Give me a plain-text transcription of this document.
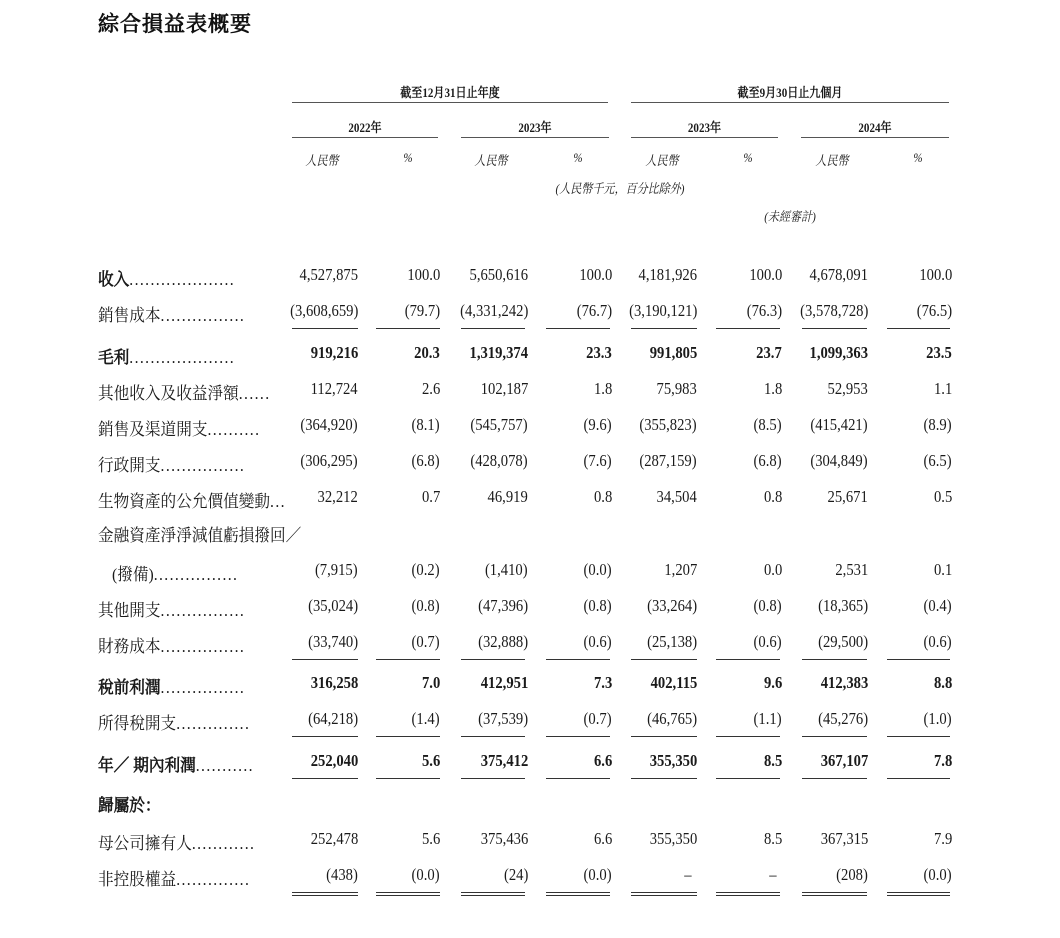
綜合損益表概要
截至12月31日止年度	截至9月30日止九個月
2022年	2023年	2023年	2024年
人民幣	%	人民幣	%	人民幣	%	人民幣	%
(人民幣千元，百分比除外)
(未經審計)
收入....................	4,527,875	100.0 5,650,616	100.0 4,181,926	100.0 4,678,091	100.0
銷售成本................	(3,608,659)	(79.7) (4,331,242)	(76.7) (3,190,121)	(76.3) (3,578,728)	(76.5)
毛利....................	919,216	20.3 1,319,374	23.3 991,805	23.7 1,099,363	23.5
其他收入及收益淨額...... 112,724	2.6 102,187	1.8	75,983	1.8	52,953	1.1
銷售及渠道開支.......... (364,920)	(8.1) (545,757)	(9.6) (355,823)	(8.5) (415,421)	(8.9)
行政開支................	(306,295)	(6.8) (428,078)	(7.6) (287,159)	(6.8) (304,849)	(6.5)
生物資產的公允價值變動... 32,212	0.7	46,919	0.8	34,504	0.8	25,671	0.5
金融資產淨淨減值虧損撥回／
(撥備)................	(7,915)	(0.2)	(1,410)	(0.0)	1,207	0.0	2,531	0.1
其他開支................	(35,024)	(0.8) (47,396)	(0.8) (33,264)	(0.8) (18,365)	(0.4)
財務成本................	(33,740)	(0.7) (32,888)	(0.6) (25,138)	(0.6) (29,500)	(0.6)
稅前利潤................	316,258	7.0 412,951	7.3 402,115	9.6 412,383	8.8
所得稅開支..............	(64,218)	(1.4) (37,539)	(0.7) (46,765)	(1.1) (45,276)	(1.0)
年／ 期內利潤...........	252,040	5.6 375,412	6.6 355,350	8.5 367,107	7.8
歸屬於：
母公司擁有人............	252,478	5.6 375,436	6.6 355,350	8.5 367,315	7.9
非控股權益..............	(438)	(0.0)	(24)	(0.0)	–	–	(208)	(0.0)
